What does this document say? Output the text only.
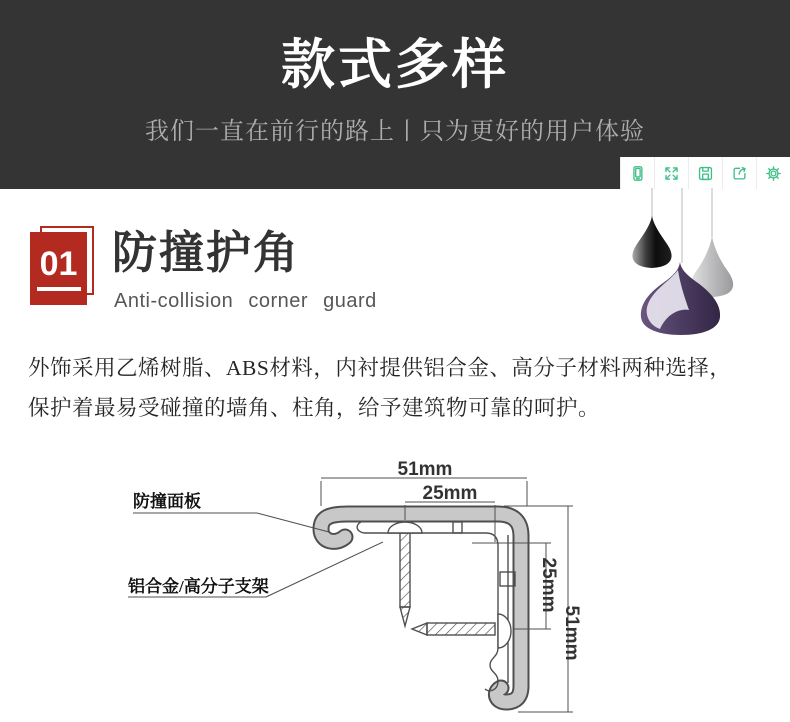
款式多样
我们一直在前行的路上丨只为更好的用户体验
01 防撞护角
Anti-collision corner guard
外饰采用乙烯树脂、ABS材料，内衬提供铝合金、高分子材料两种选择，
保护着最易受碰撞的墙角、柱角，给予建筑物可靠的呵护。
51mm
25mm
25mm
51mm
防撞面板
铝合金/高分子支架
